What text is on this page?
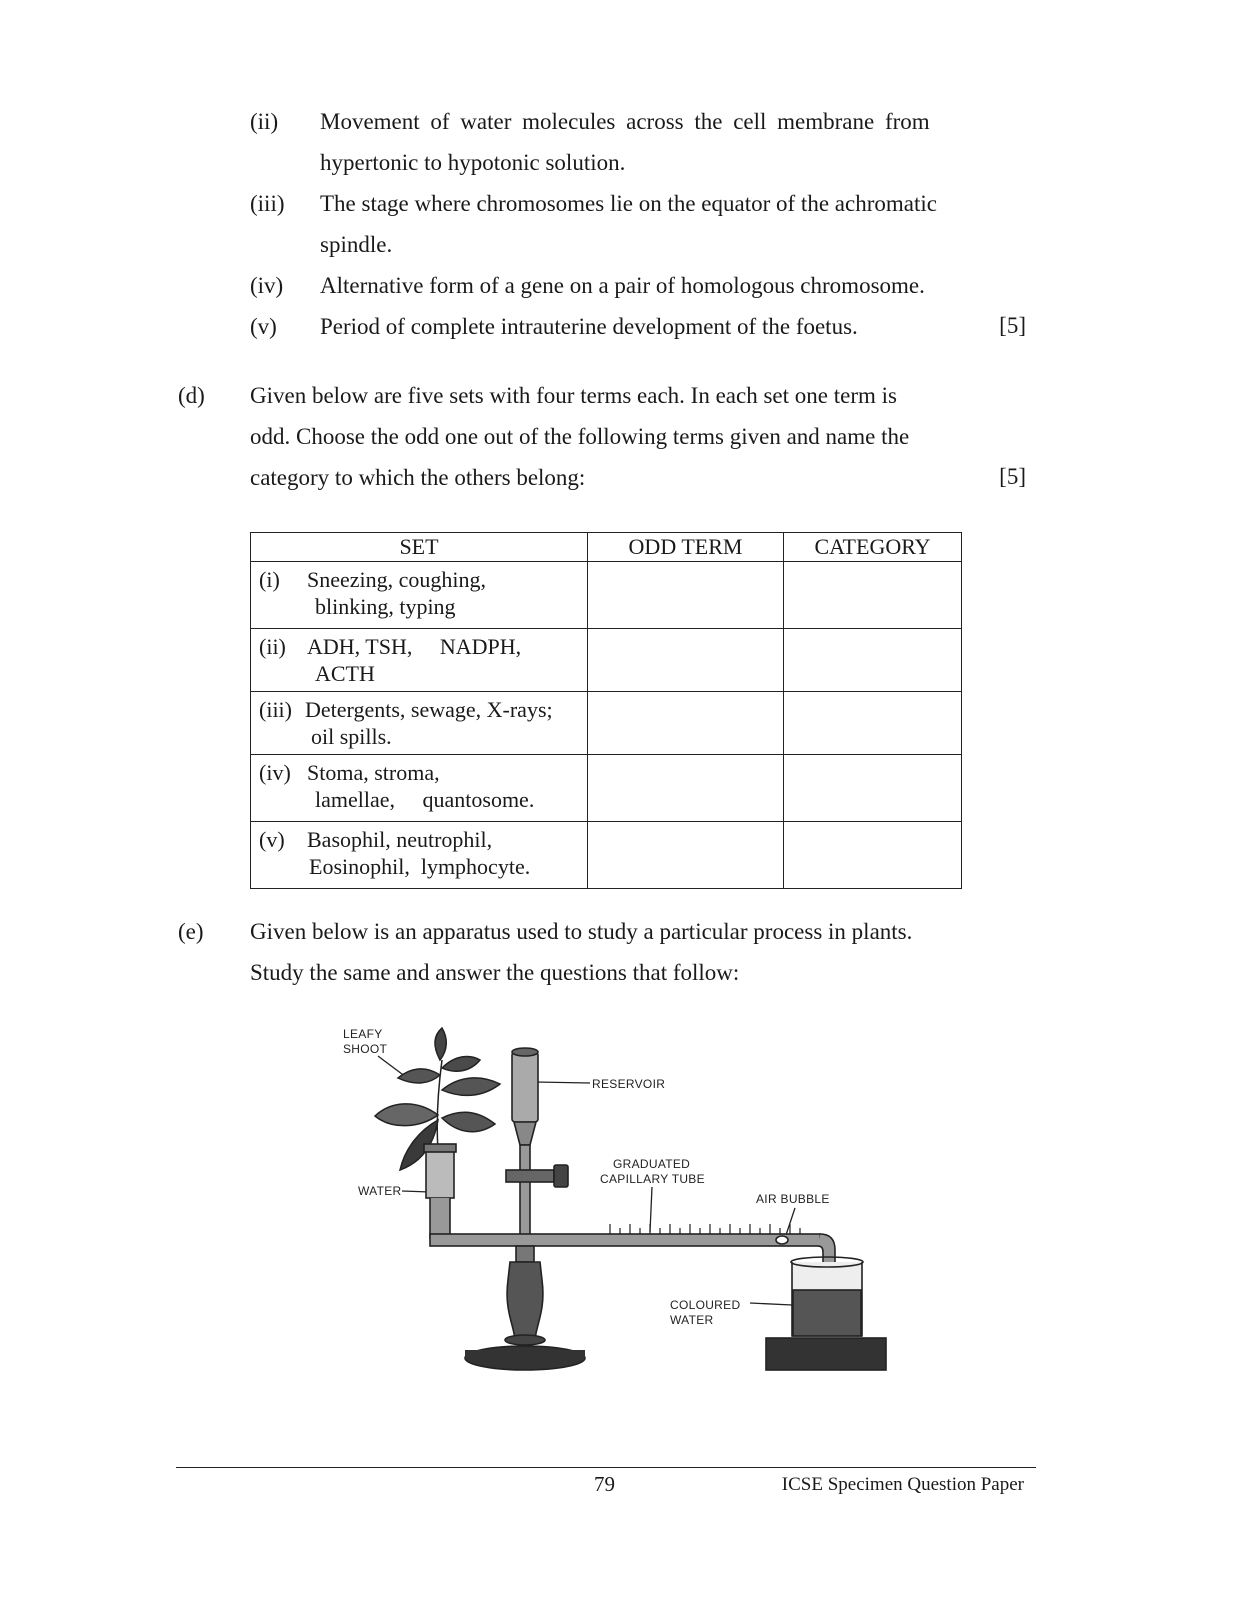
(ii) Movement of water molecules across the cell membrane from
hypertonic to hypotonic solution.
(iii) The stage where chromosomes lie on the equator of the achromatic
spindle.
(iv) Alternative form of a gene on a pair of homologous chromosome.
(v) Period of complete intrauterine development of the foetus.	[5]
(d) Given below are five sets with four terms each. In each set one term is
odd. Choose the odd one out of the following terms given and name the
category to which the others belong:	[5]
SET	ODD TERM	CATEGORY

(i) Sneezing, coughing,
blinking, typing		

(ii) ADH, TSH,     NADPH,
ACTH		

(iii) Detergents, sewage, X-rays;
oil spills.		

(iv) Stoma, stroma,
lamellae,     quantosome.		

(v) Basophil, neutrophil,
Eosinophil,  lymphocyte.		

(e) Given below is an apparatus used to study a particular process in plants.
Study the same and answer the questions that follow:
LEAFY
SHOOT
RESERVOIR
GRADUATED
CAPILLARY TUBE
AIR BUBBLE
WATER
COLOURED
WATER
79	ICSE Specimen Question Paper
